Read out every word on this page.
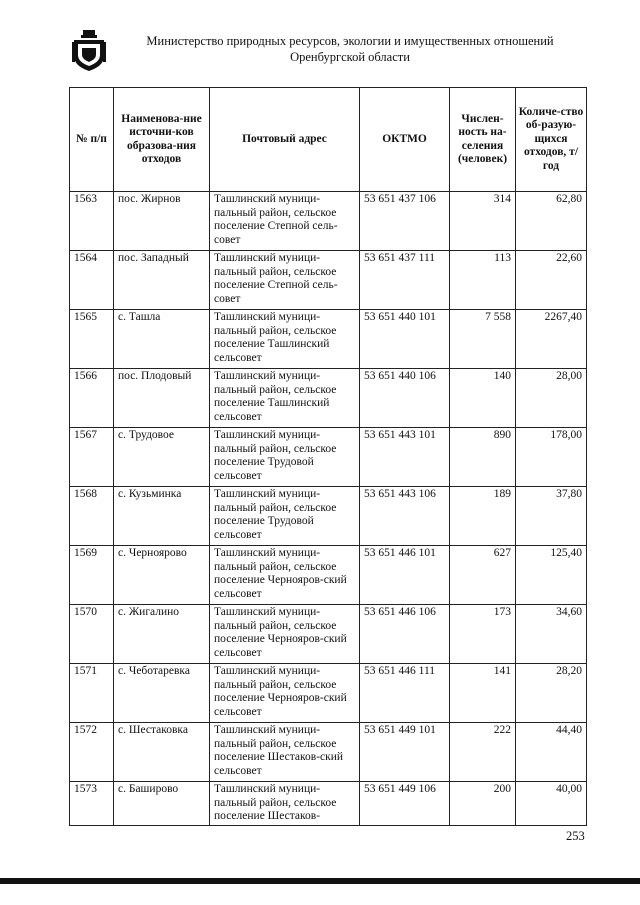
Министерство природных ресурсов, экологии и имущественных отношений
Оренбургской области
№ п/п	Наименова-ние источни-ков образова-ния отходов	Почтовый адрес	ОКТМО	Числен-ность на-селения (человек)	Количе-ство об-разую-щихся отходов, т/год
1563	пос. Жирнов	Ташлинский муници-пальный район, сельское поселение Степной сель-совет	53 651 437 106	314	62,80
1564	пос. Западный	Ташлинский муници-пальный район, сельское поселение Степной сель-совет	53 651 437 111	113	22,60
1565	с. Ташла	Ташлинский муници-пальный район, сельское поселение Ташлинский сельсовет	53 651 440 101	7 558	2267,40
1566	пос. Плодовый	Ташлинский муници-пальный район, сельское поселение Ташлинский сельсовет	53 651 440 106	140	28,00
1567	с. Трудовое	Ташлинский муници-пальный район, сельское поселение Трудовой сельсовет	53 651 443 101	890	178,00
1568	с. Кузьминка	Ташлинский муници-пальный район, сельское поселение Трудовой сельсовет	53 651 443 106	189	37,80
1569	с. Черноярово	Ташлинский муници-пальный район, сельское поселение Чернояров-ский сельсовет	53 651 446 101	627	125,40
1570	с. Жигалино	Ташлинский муници-пальный район, сельское поселение Чернояров-ский сельсовет	53 651 446 106	173	34,60
1571	с. Чеботаревка	Ташлинский муници-пальный район, сельское поселение Чернояров-ский сельсовет	53 651 446 111	141	28,20
1572	с. Шестаковка	Ташлинский муници-пальный район, сельское поселение Шестаков-ский сельсовет	53 651 449 101	222	44,40
1573	с. Баширово	Ташлинский муници-пальный район, сельское поселение Шестаков-	53 651 449 106	200	40,00
253
